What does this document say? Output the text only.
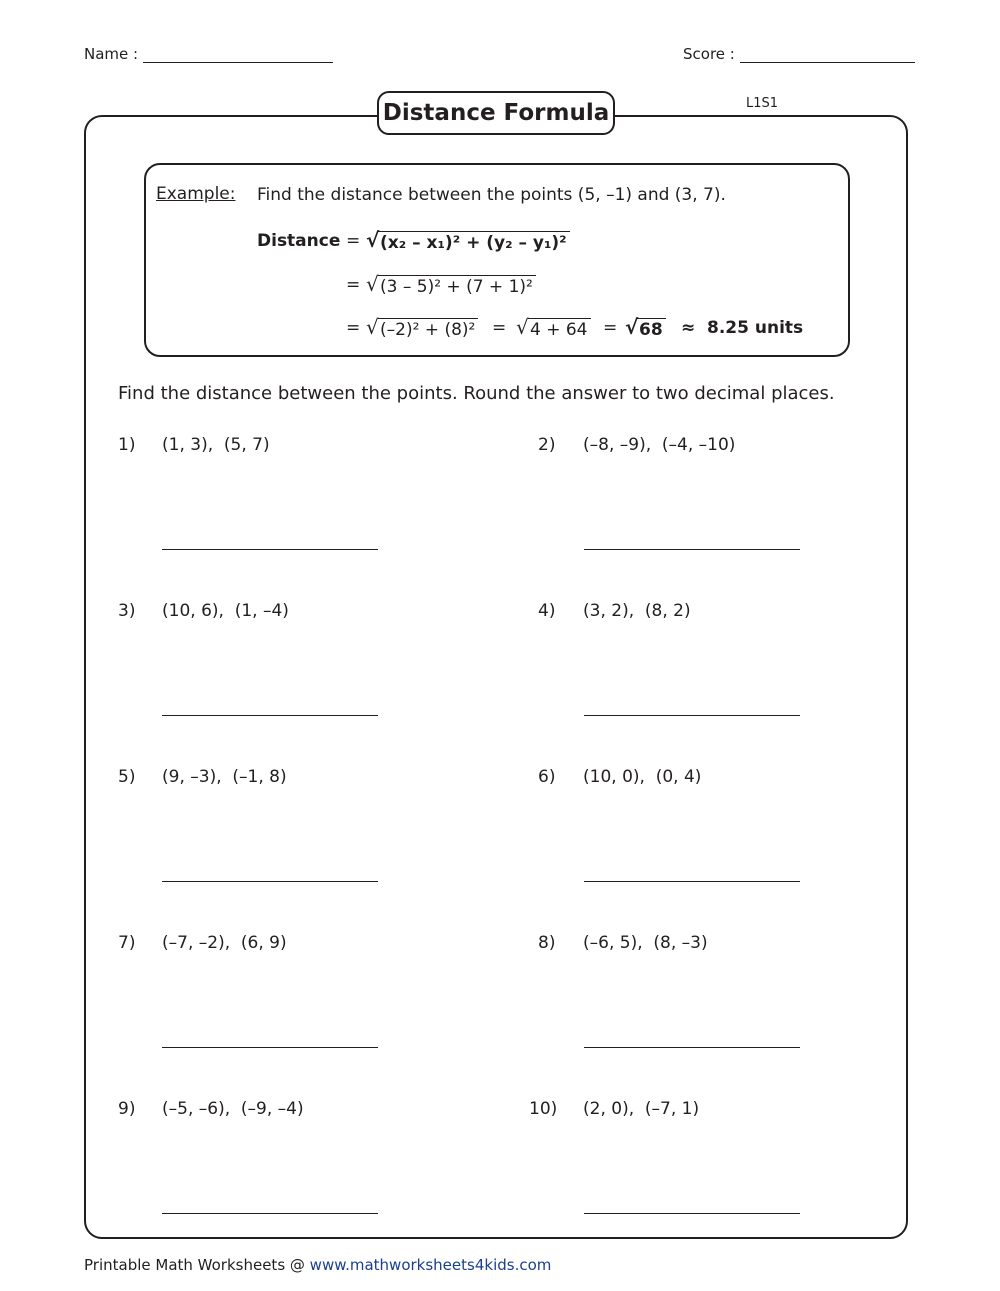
Name :	Score :
Distance Formula	L1S1
Example: Find the distance between the points (5, –1) and (3, 7).
Distance = √ (x₂ – x₁)² + (y₂ – y₁)²
= √ (3 – 5)² + (7 + 1)²
= √ (–2)² + (8)² = √ 4 + 64 = √ 68 ≈ 8.25 units
Find the distance between the points. Round the answer to two decimal places.
1) (1, 3),  (5, 7)	2) (–8, –9),  (–4, –10)
3) (10, 6),  (1, –4)	4) (3, 2),  (8, 2)
5) (9, –3),  (–1, 8)	6) (10, 0),  (0, 4)
7) (–7, –2),  (6, 9)	8) (–6, 5),  (8, –3)
9) (–5, –6),  (–9, –4)	10) (2, 0),  (–7, 1)
Printable Math Worksheets @ www.mathworksheets4kids.com
